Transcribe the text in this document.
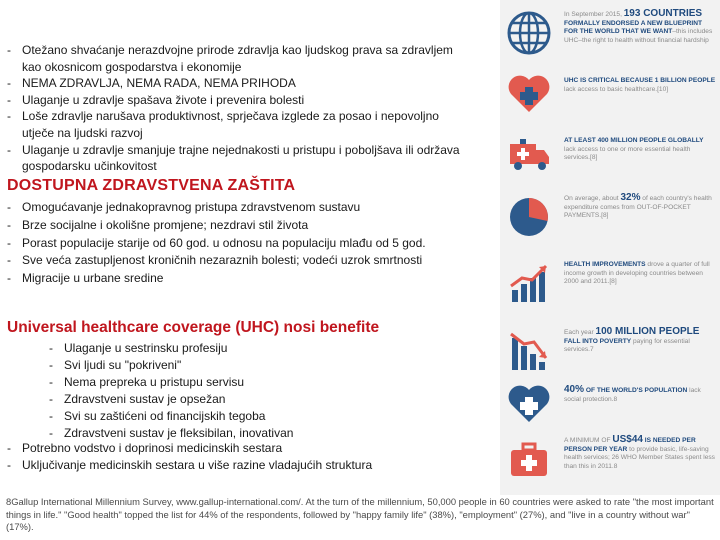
- Otežano shvaćanje nerazdvojne prirode zdravlja kao ljudskog prava sa zdravljem kao okosnicom gospodarstva i ekonomije
- NEMA ZDRAVLJA, NEMA RADA, NEMA PRIHODA
- Ulaganje u zdravlje spašava živote i prevenira bolesti
- Loše zdravlje narušava produktivnost, sprječava izglede za posao i nepovoljno utječe na ljudski razvoj
- Ulaganje u zdravlje smanjuje trajne nejednakosti u pristupu i poboljšava ili održava gospodarsku učinkovitost
DOSTUPNA ZDRAVSTVENA ZAŠTITA
- Omogućavanje jednakopravnog pristupa zdravstvenom sustavu
- Brze socijalne i okolišne promjene; nezdravi stil života
- Porast populacije starije od 60 god. u odnosu na populaciju mlađu od 5 god.
- Sve veća zastupljenost kroničnih nezaraznih bolesti; vodeći uzrok smrtnosti
- Migracije u urbane sredine
Universal healthcare coverage (UHC) nosi benefite
- Ulaganje u sestrinsku profesiju
- Svi ljudi su "pokriveni"
- Nema prepreka u pristupu servisu
- Zdravstveni sustav je opsežan
- Svi su zaštićeni od financijskih tegoba
- Zdravstveni sustav je fleksibilan, inovativan
- Potrebno vodstvo i doprinosi medicinskih sestara
- Uključivanje medicinskih sestara u više razine vladajućih struktura
In September 2015, 193 COUNTRIES FORMALLY ENDORSED A NEW BLUEPRINT FOR THE WORLD THAT WE WANT–this includes UHC–the right to health without financial hardship
UHC IS CRITICAL BECAUSE 1 BILLION PEOPLE lack access to basic healthcare.[10]
AT LEAST 400 MILLION PEOPLE GLOBALLY lack access to one or more essential health services.[8]
On average, about 32% of each country's health expenditure comes from OUT-OF-POCKET PAYMENTS.[8]
HEALTH IMPROVEMENTS drove a quarter of full income growth in developing countries between 2000 and 2011.[8]
Each year 100 MILLION PEOPLE FALL INTO POVERTY paying for essential services.7
40% OF THE WORLD'S POPULATION lack social protection.8
A MINIMUM OF US$44 IS NEEDED PER PERSON PER YEAR to provide basic, life-saving health services; 26 WHO Member States spent less than this in 2011.8
8Gallup International Millennium Survey, www.gallup-international.com/. At the turn of the millennium, 50,000 people in 60 countries were asked to rate "the most important things in life." "Good health" topped the list for 44% of the respondents, followed by "happy family life" (38%), "employment" (27%), and "live in a country without war" (17%).
